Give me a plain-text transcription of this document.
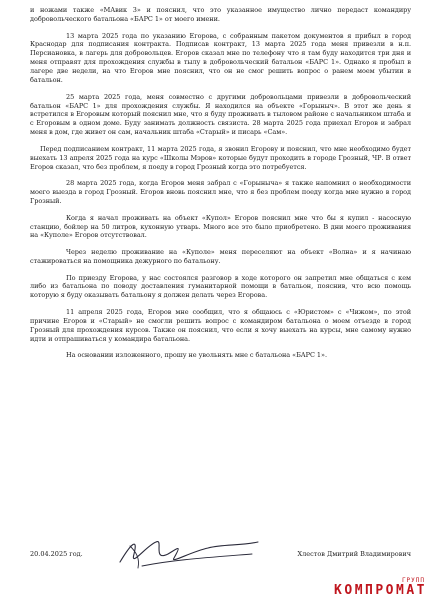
и ножами также «МАвик 3» и пояснил, что это указанное имущество лично передаст командиру добровольческого батальона «БАРС 1» от моего имени.

13 марта 2025 года по указанию Егорова, с собранным пакетом документов я прибыл в город Краснодар для подписания контракта. Подписав контракт, 13 марта 2025 года меня привезли в н.п. Персиановка, в лагерь для добровольцев. Егоров сказал мне по телефону что я там буду находится три дня и меня отправят для прохождения службы в тылу в добровольческий батальон «БАРС 1». Однако я пробыл в лагере две недели, на что Егоров мне пояснил, что он не смог решить вопрос о ранем моем убытии в батальон.

25 марта 2025 года, меня совместно с другими добровольцами привезли в добровольческий батальон «БАРС 1» для прохождения службы. Я находился на объекте «Горыныч». В этот же день я встретился в Егоровым который пояснил мне, что я буду проживать в тыловом районе с начальником штаба и с Егоровым в одном доме. Буду занимать должность связиста. 28 марта 2025 года приехал Егоров и забрал меня в дом, где живет он сам, начальник штаба «Старый» и писарь «Сам».

Перед подписанием контракт, 11 марта 2025 года, я звонил Егорову и пояснил, что мне необходимо будет выехать 13 апреля 2025 года на курс «Школы Мэров» которые будут проходить в городе Грозный, ЧР. В ответ Егоров сказал, что без проблем, я поеду в город Грозный когда это потребуется.

28 марта 2025 года, когда Егоров меня забрал с «Горыныча» я также напомнил о необходимости моего выезда в город Грозный. Егоров вновь пояснил мне, что я без проблем поеду когда мне нужно в город Грозный.

Когда я начал проживать на объект «Купол» Егоров пояснил мне что бы я купил - насосную станцию, бойлер на 50 литров, кухонную утварь. Много все это было приобретено. В дни моего проживания на «Куполе» Егоров отсутствовал.

Через неделю проживание на «Куполе» меня переселяют на объект «Волна» и я начинаю стажироваться на помощника дежурного по батальону.

По приезду Егорова, у нас состоялся разговор в ходе которого он запретил мне общаться с кем либо из батальона по поводу доставления гуманитарной помощи в батальон, пояснив, что всю помощь которую я буду оказывать батальону я должен делать через Егорова.

11 апреля 2025 года, Егоров мне сообщил, что я общаюсь с «Юристом» с «Чижом», по этой причине Егоров и «Старый» не смогли решить вопрос с командиром батальона о моем отъезде в город Грозный для прохождения курсов. Также он пояснил, что если я хочу выехать на курсы, мне самому нужно идти и отпрашиваться у командира батальона.

На основании изложенного, прошу не увольнять мне с батальона «БАРС 1».

20.04.2025 год.	Хлестов Дмитрий Владимирович
ГРУПП
КОМПРОМАТ
